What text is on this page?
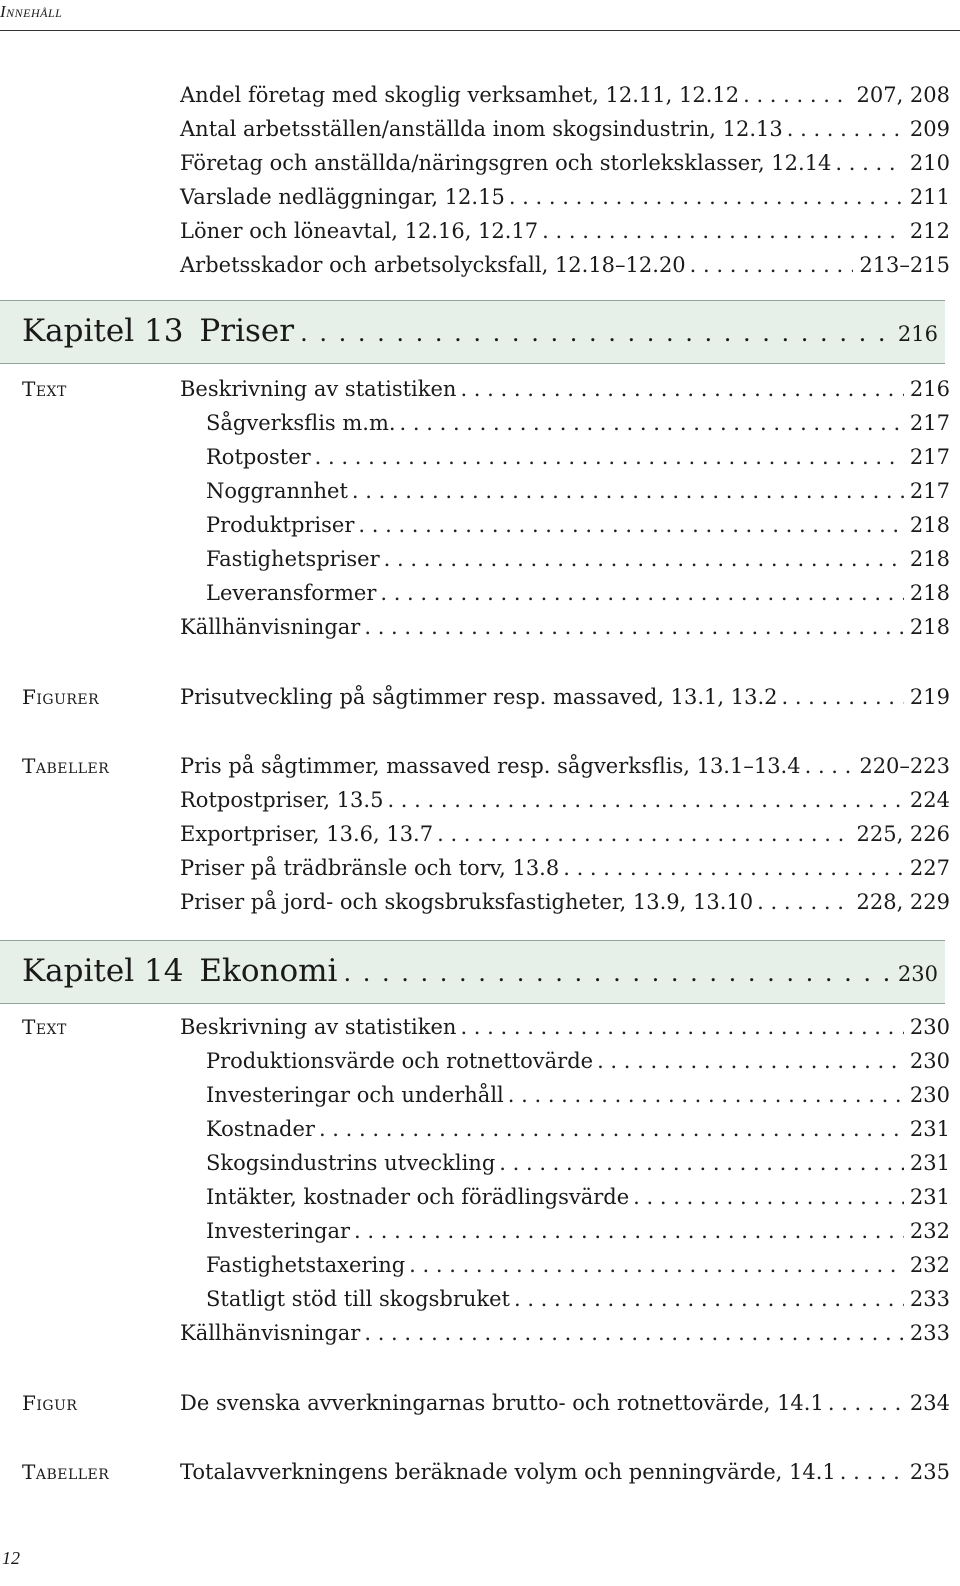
Innehåll
Andel företag med skoglig verksamhet, 12.11, 12.12 . . .	207, 208
Antal arbetsställen/anställda inom skogsindustrin, 12.13 . . .	209
Företag och anställda/näringsgren och storleksklasser, 12.14 . . .	210
Varslade nedläggningar, 12.15 . . .	211
Löner och löneavtal, 12.16, 12.17 . . .	212
Arbetsskador och arbetsolycksfall, 12.18–12.20 . . .	213–215
Kapitel 13 Priser . . .	216
Text	Beskrivning av statistiken . . .	216
Sågverksflis m.m. . . .	217
Rotposter . . .	217
Noggrannhet . . .	217
Produktpriser . . .	218
Fastighetspriser . . .	218
Leveransformer . . .	218
Källhänvisningar . . .	218
Figurer	Prisutveckling på sågtimmer resp. massaved, 13.1, 13.2 . . .	219
Tabeller	Pris på sågtimmer, massaved resp. sågverksflis, 13.1–13.4 . . .	220–223
Rotpostpriser, 13.5 . . .	224
Exportpriser, 13.6, 13.7 . . .	225, 226
Priser på trädbränsle och torv, 13.8 . . .	227
Priser på jord- och skogsbruksfastigheter, 13.9, 13.10 . . .	228, 229
Kapitel 14 Ekonomi . . .	230
Text	Beskrivning av statistiken . . .	230
Produktionsvärde och rotnettovärde . . .	230
Investeringar och underhåll . . .	230
Kostnader . . .	231
Skogsindustrins utveckling . . .	231
Intäkter, kostnader och förädlingsvärde . . .	231
Investeringar . . .	232
Fastighetstaxering . . .	232
Statligt stöd till skogsbruket . . .	233
Källhänvisningar . . .	233
Figur	De svenska avverkningarnas brutto- och rotnettovärde, 14.1 . . .	234
Tabeller	Totalavverkningens beräknade volym och penningvärde, 14.1 . . .	235
12
